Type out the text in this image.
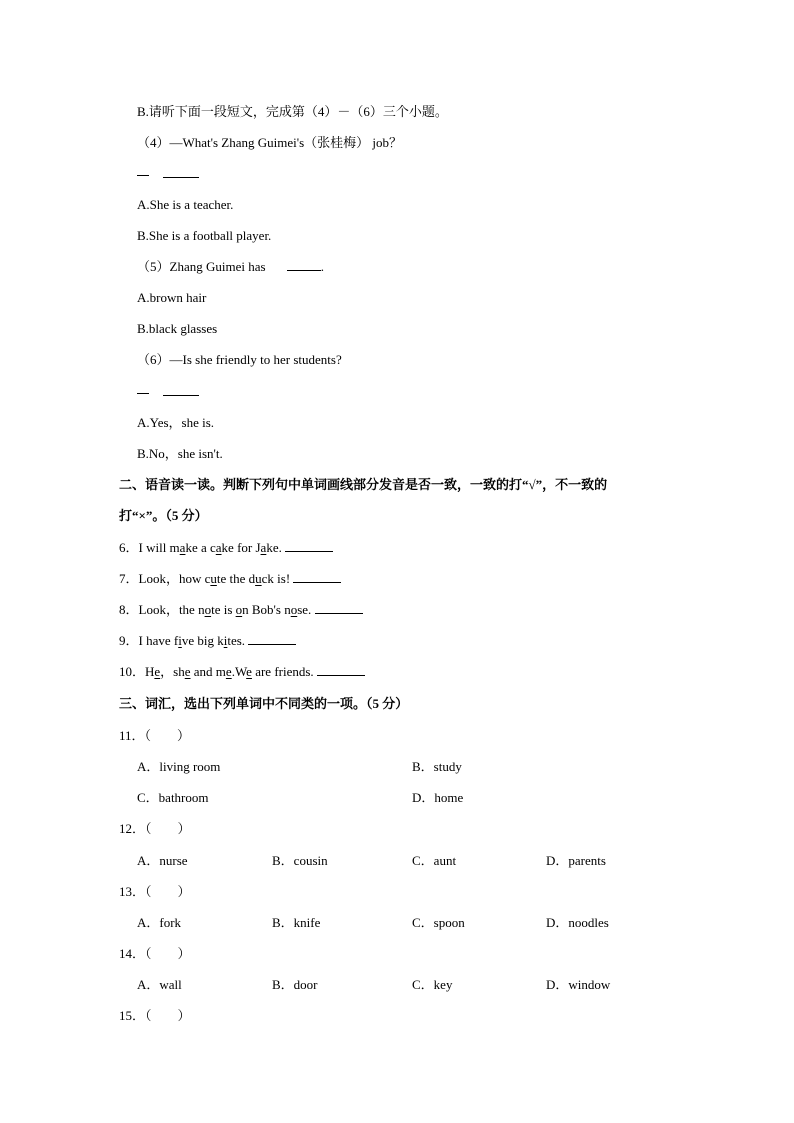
B.请听下面一段短文，完成第（4）－（6）三个小题。
（4）—What's Zhang Guimei's（张桂梅） job？
A.She is a teacher.
B.She is a football player.
（5）Zhang Guimei has	.
A.brown hair
B.black glasses
（6）—Is she friendly to her students?
A.Yes，she is.
B.No，she isn't.
二、语音读一读。判断下列句中单词画线部分发音是否一致，一致的打“√”，不一致的
打“×”。（5 分）
6．I will make a cake for Jake.
7．Look，how cute the duck is!
8．Look，the note is on Bob's nose.
9．I have five big kites.
10．He，she and me.We are friends.
三、词汇，选出下列单词中不同类的一项。（5 分）
11．（　　）
A．living room	B．study
C．bathroom	D．home
12．（　　）
A．nurse	B．cousin	C．aunt	D．parents
13．（　　）
A．fork	B．knife	C．spoon	D．noodles
14．（　　）
A．wall	B．door	C．key	D．window
15．（　　）
